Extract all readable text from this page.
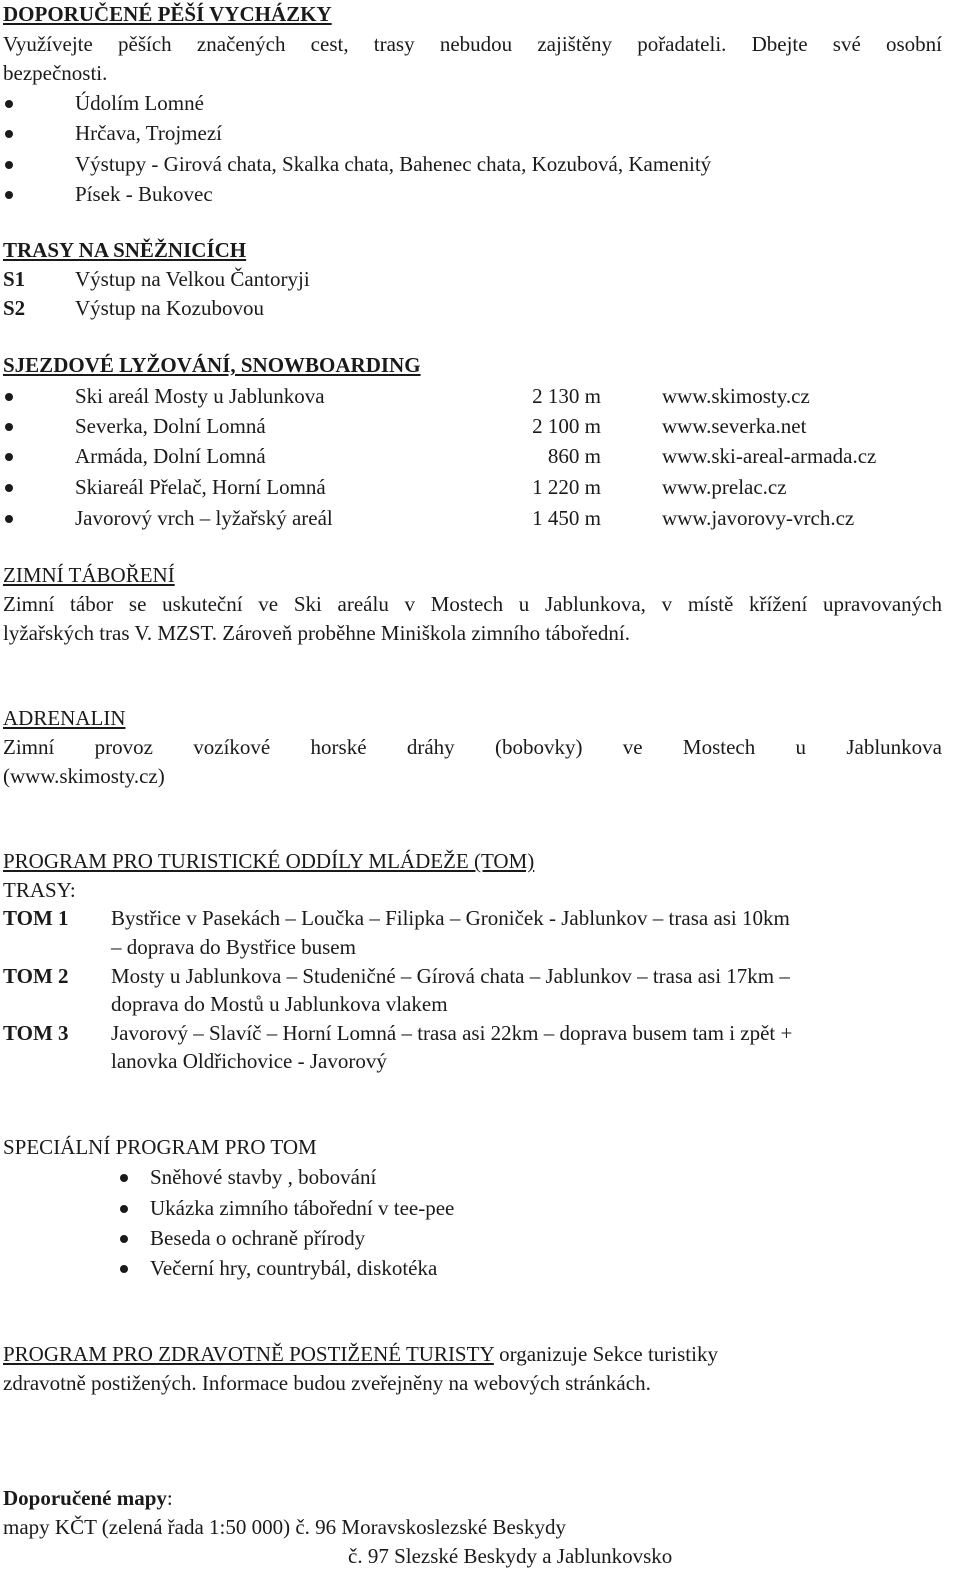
DOPORUČENÉ PĚŠÍ VYCHÁZKY
Využívejte pěších značených cest, trasy nebudou zajištěny pořadateli. Dbejte své osobní
bezpečnosti.
Údolím Lomné
Hrčava, Trojmezí
Výstupy - Girová chata, Skalka chata, Bahenec chata, Kozubová, Kamenitý
Písek - Bukovec
TRASY NA SNĚŽNICÍCH
S1 Výstup na Velkou Čantoryji
S2 Výstup na Kozubovou
SJEZDOVÉ LYŽOVÁNÍ, SNOWBOARDING
Ski areál Mosty u Jablunkova	2 130 m	www.skimosty.cz
Severka, Dolní Lomná	2 100 m	www.severka.net
Armáda, Dolní Lomná	860 m	www.ski-areal-armada.cz
Skiareál Přelač, Horní Lomná	1 220 m	www.prelac.cz
Javorový vrch – lyžařský areál	1 450 m	www.javorovy-vrch.cz
ZIMNÍ TÁBOŘENÍ
Zimní tábor se uskuteční ve Ski areálu v Mostech u Jablunkova, v místě křížení upravovaných
lyžařských tras V. MZST. Zároveň proběhne Miniškola zimního tábořední.
ADRENALIN
Zimní provoz vozíkové horské dráhy (bobovky) ve Mostech u Jablunkova
(www.skimosty.cz)
PROGRAM PRO TURISTICKÉ ODDÍLY MLÁDEŽE (TOM)
TRASY:
TOM 1 Bystřice v Pasekách – Loučka – Filipka – Groniček - Jablunkov – trasa asi 10km
– doprava do Bystřice busem
TOM 2 Mosty u Jablunkova – Studeničné – Gírová chata – Jablunkov – trasa asi 17km –
doprava do Mostů u Jablunkova vlakem
TOM 3 Javorový – Slavíč – Horní Lomná – trasa asi 22km – doprava busem tam i zpět +
lanovka Oldřichovice - Javorový
SPECIÁLNÍ PROGRAM PRO TOM
Sněhové stavby , bobování
Ukázka zimního tábořední v tee-pee
Beseda o ochraně přírody
Večerní hry, countrybál, diskotéka
PROGRAM PRO ZDRAVOTNĚ POSTIŽENÉ TURISTY organizuje Sekce turistiky
zdravotně postižených. Informace budou zveřejněny na webových stránkách.
Doporučené mapy:
mapy KČT (zelená řada 1:50 000) č. 96 Moravskoslezské Beskydy
č. 97 Slezské Beskydy a Jablunkovsko
